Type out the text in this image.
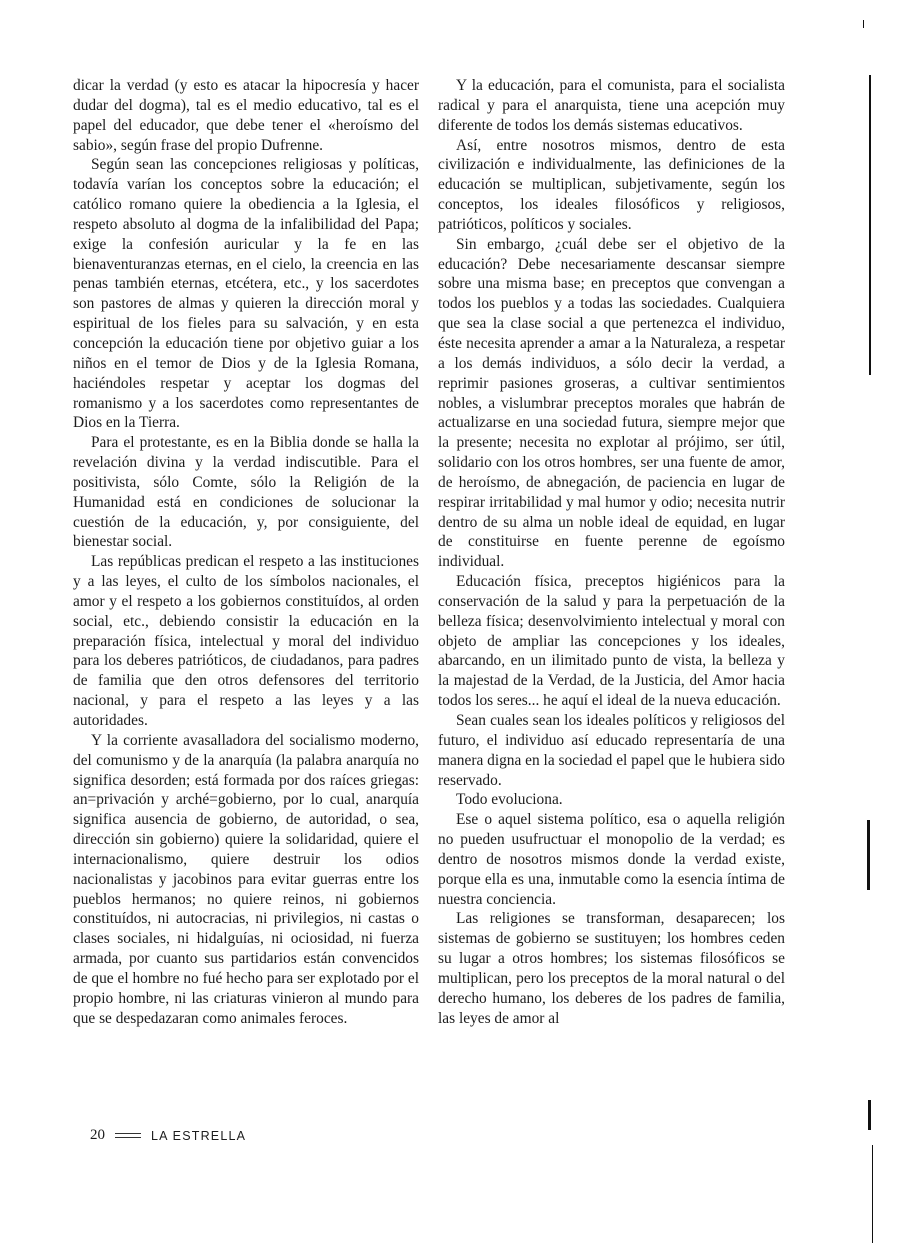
dicar la verdad (y esto es atacar la hipocresía y hacer dudar del dogma), tal es el medio educativo, tal es el papel del educador, que debe tener el «heroísmo del sabio», según frase del propio Dufrenne.

Según sean las concepciones religiosas y políticas, todavía varían los conceptos sobre la educación; el católico romano quiere la obediencia a la Iglesia, el respeto absoluto al dogma de la infalibilidad del Papa; exige la confesión auricular y la fe en las bienaventuranzas eternas, en el cielo, la creencia en las penas también eternas, etcétera, etc., y los sacerdotes son pastores de almas y quieren la dirección moral y espiritual de los fieles para su salvación, y en esta concepción la educación tiene por objetivo guiar a los niños en el temor de Dios y de la Iglesia Romana, haciéndoles respetar y aceptar los dogmas del romanismo y a los sacerdotes como representantes de Dios en la Tierra.

Para el protestante, es en la Biblia donde se halla la revelación divina y la verdad indiscutible. Para el positivista, sólo Comte, sólo la Religión de la Humanidad está en condiciones de solucionar la cuestión de la educación, y, por consiguiente, del bienestar social.

Las repúblicas predican el respeto a las instituciones y a las leyes, el culto de los símbolos nacionales, el amor y el respeto a los gobiernos constituídos, al orden social, etc., debiendo consistir la educación en la preparación física, intelectual y moral del individuo para los deberes patrióticos, de ciudadanos, para padres de familia que den otros defensores del territorio nacional, y para el respeto a las leyes y a las autoridades.

Y la corriente avasalladora del socialismo moderno, del comunismo y de la anarquía (la palabra anarquía no significa desorden; está formada por dos raíces griegas: an=privación y arché=gobierno, por lo cual, anarquía significa ausencia de gobierno, de autoridad, o sea, dirección sin gobierno) quiere la solidaridad, quiere el internacionalismo, quiere destruir los odios nacionalistas y jacobinos para evitar guerras entre los pueblos hermanos; no quiere reinos, ni gobiernos constituídos, ni autocracias, ni privilegios, ni castas o clases sociales, ni hidalguías, ni ociosidad, ni fuerza armada, por cuanto sus partidarios están convencidos de que el hombre no fué hecho para ser explotado por el propio hombre, ni las criaturas vinieron al mundo para que se despedazaran como animales feroces.

Y la educación, para el comunista, para el socialista radical y para el anarquista, tiene una acepción muy diferente de todos los demás sistemas educativos.

Así, entre nosotros mismos, dentro de esta civilización e individualmente, las definiciones de la educación se multiplican, subjetivamente, según los conceptos, los ideales filosóficos y religiosos, patrióticos, políticos y sociales.

Sin embargo, ¿cuál debe ser el objetivo de la educación? Debe necesariamente descansar siempre sobre una misma base; en preceptos que convengan a todos los pueblos y a todas las sociedades. Cualquiera que sea la clase social a que pertenezca el individuo, éste necesita aprender a amar a la Naturaleza, a respetar a los demás individuos, a sólo decir la verdad, a reprimir pasiones groseras, a cultivar sentimientos nobles, a vislumbrar preceptos morales que habrán de actualizarse en una sociedad futura, siempre mejor que la presente; necesita no explotar al prójimo, ser útil, solidario con los otros hombres, ser una fuente de amor, de heroísmo, de abnegación, de paciencia en lugar de respirar irritabilidad y mal humor y odio; necesita nutrir dentro de su alma un noble ideal de equidad, en lugar de constituirse en fuente perenne de egoísmo individual.

Educación física, preceptos higiénicos para la conservación de la salud y para la perpetuación de la belleza física; desenvolvimiento intelectual y moral con objeto de ampliar las concepciones y los ideales, abarcando, en un ilimitado punto de vista, la belleza y la majestad de la Verdad, de la Justicia, del Amor hacia todos los seres... he aquí el ideal de la nueva educación.

Sean cuales sean los ideales políticos y religiosos del futuro, el individuo así educado representaría de una manera digna en la sociedad el papel que le hubiera sido reservado.

Todo evoluciona.

Ese o aquel sistema político, esa o aquella religión no pueden usufructuar el monopolio de la verdad; es dentro de nosotros mismos donde la verdad existe, porque ella es una, inmutable como la esencia íntima de nuestra conciencia.

Las religiones se transforman, desaparecen; los sistemas de gobierno se sustituyen; los hombres ceden su lugar a otros hombres; los sistemas filosóficos se multiplican, pero los preceptos de la moral natural o del derecho humano, los deberes de los padres de familia, las leyes de amor al

20	LA ESTRELLA
